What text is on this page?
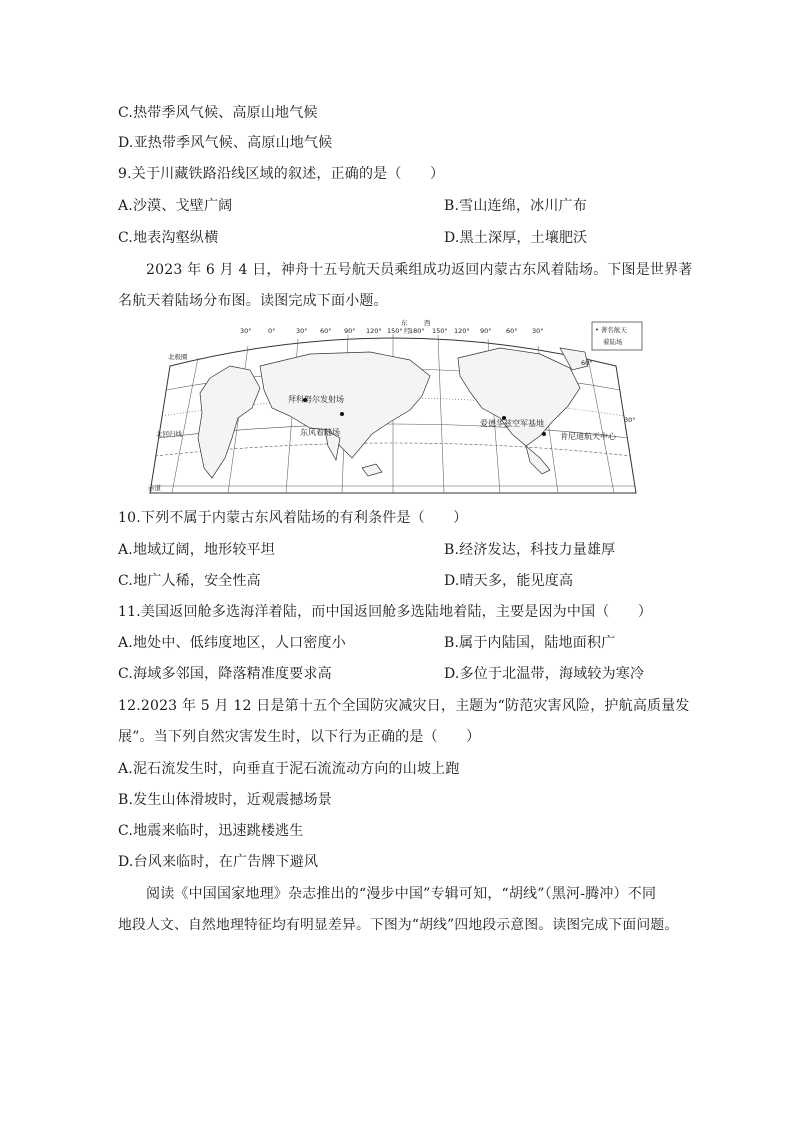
C.热带季风气候、高原山地气候
D.亚热带季风气候、高原山地气候
9.关于川藏铁路沿线区域的叙述，正确的是（　　）
A.沙漠、戈壁广阔	B.雪山连绵，冰川广布
C.地表沟壑纵横	D.黑土深厚，土壤肥沃
2023 年 6 月 4 日，神舟十五号航天员乘组成功返回内蒙古东风着陆场。下图是世界著
名航天着陆场分布图。读图完成下面小题。
30°	0°	30° 60° 90° 120° 150° 180° 150° 120° 90° 60° 30°
东	西
经	• 著名航天
着陆场
60°
30°
北极圈
北回归线
赤道
拜科努尔发射场
东风着陆场
爱德华兹空军基地
肯尼迪航天中心
10.下列不属于内蒙古东风着陆场的有利条件是（　　）
A.地域辽阔，地形较平坦	B.经济发达，科技力量雄厚
C.地广人稀，安全性高	D.晴天多，能见度高
11.美国返回舱多选海洋着陆，而中国返回舱多选陆地着陆，主要是因为中国（　　）
A.地处中、低纬度地区，人口密度小	B.属于内陆国，陆地面积广
C.海域多邻国，降落精准度要求高	D.多位于北温带，海域较为寒冷
12.2023 年 5 月 12 日是第十五个全国防灾减灾日，主题为“防范灾害风险，护航高质量发
展”。当下列自然灾害发生时，以下行为正确的是（　　）
A.泥石流发生时，向垂直于泥石流流动方向的山坡上跑
B.发生山体滑坡时，近观震撼场景
C.地震来临时，迅速跳楼逃生
D.台风来临时，在广告牌下避风
阅读《中国国家地理》杂志推出的“漫步中国”专辑可知，“胡线”（黑河-腾冲）不同
地段人文、自然地理特征均有明显差异。下图为“胡线”四地段示意图。读图完成下面问题。
